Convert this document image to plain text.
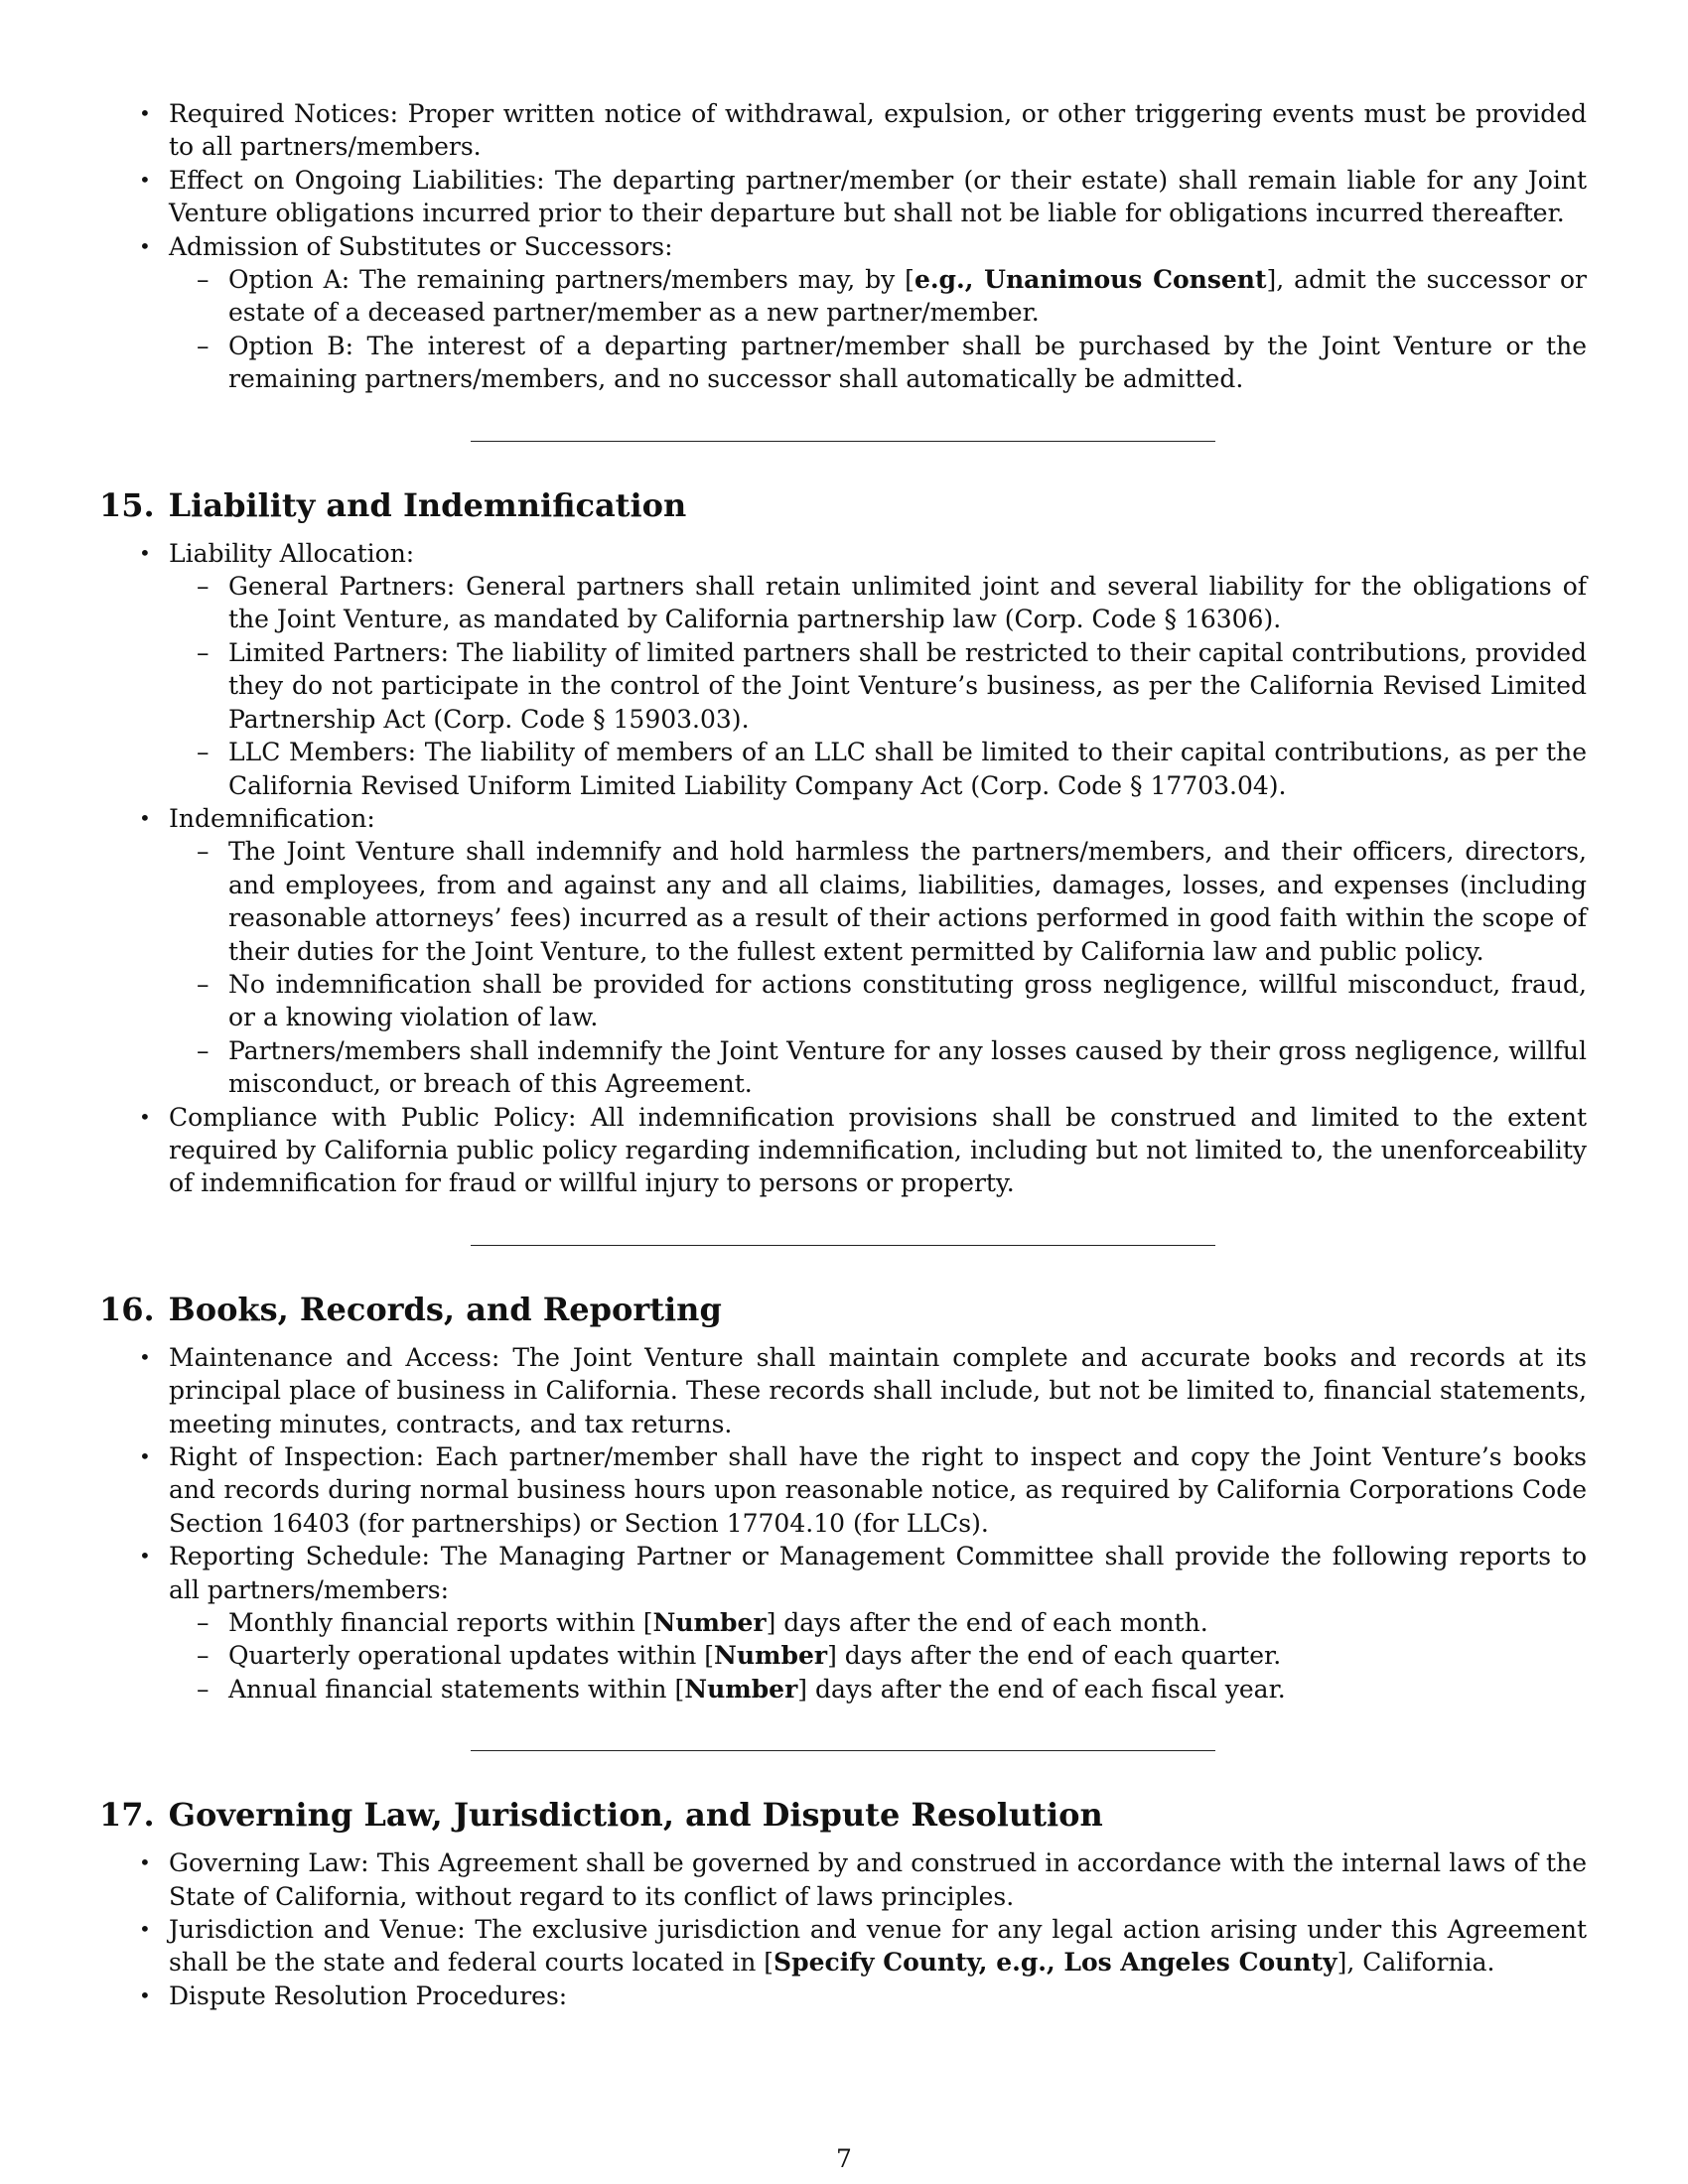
• Required Notices: Proper written notice of withdrawal, expulsion, or other triggering events must be provided to all partners/members.
• Effect on Ongoing Liabilities: The departing partner/member (or their estate) shall remain liable for any Joint Venture obligations incurred prior to their departure but shall not be liable for obligations incurred thereafter.
• Admission of Substitutes or Successors:
– Option A: The remaining partners/members may, by [e.g., Unanimous Consent], admit the successor or estate of a deceased partner/member as a new partner/member.
– Option B: The interest of a departing partner/member shall be purchased by the Joint Venture or the remaining partners/members, and no successor shall automatically be admitted.
15. Liability and Indemnification
• Liability Allocation:
– General Partners: General partners shall retain unlimited joint and several liability for the obligations of the Joint Venture, as mandated by California partnership law (Corp. Code § 16306).
– Limited Partners: The liability of limited partners shall be restricted to their capital contributions, provided they do not participate in the control of the Joint Venture’s business, as per the California Revised Limited Partnership Act (Corp. Code § 15903.03).
– LLC Members: The liability of members of an LLC shall be limited to their capital contributions, as per the California Revised Uniform Limited Liability Company Act (Corp. Code § 17703.04).
• Indemnification:
– The Joint Venture shall indemnify and hold harmless the partners/members, and their officers, directors, and employees, from and against any and all claims, liabilities, damages, losses, and expenses (including reasonable attorneys’ fees) incurred as a result of their actions performed in good faith within the scope of their duties for the Joint Venture, to the fullest extent permitted by California law and public policy.
– No indemnification shall be provided for actions constituting gross negligence, willful misconduct, fraud, or a knowing violation of law.
– Partners/members shall indemnify the Joint Venture for any losses caused by their gross negligence, willful misconduct, or breach of this Agreement.
• Compliance with Public Policy: All indemnification provisions shall be construed and limited to the extent required by California public policy regarding indemnification, including but not limited to, the unenforceability of indemnification for fraud or willful injury to persons or property.
16. Books, Records, and Reporting
• Maintenance and Access: The Joint Venture shall maintain complete and accurate books and records at its principal place of business in California. These records shall include, but not be limited to, financial statements, meeting minutes, contracts, and tax returns.
• Right of Inspection: Each partner/member shall have the right to inspect and copy the Joint Venture’s books and records during normal business hours upon reasonable notice, as required by California Corporations Code Section 16403 (for partnerships) or Section 17704.10 (for LLCs).
• Reporting Schedule: The Managing Partner or Management Committee shall provide the following reports to all partners/members:
– Monthly financial reports within [Number] days after the end of each month.
– Quarterly operational updates within [Number] days after the end of each quarter.
– Annual financial statements within [Number] days after the end of each fiscal year.
17. Governing Law, Jurisdiction, and Dispute Resolution
• Governing Law: This Agreement shall be governed by and construed in accordance with the internal laws of the State of California, without regard to its conflict of laws principles.
• Jurisdiction and Venue: The exclusive jurisdiction and venue for any legal action arising under this Agreement shall be the state and federal courts located in [Specify County, e.g., Los Angeles County], California.
• Dispute Resolution Procedures:
7
